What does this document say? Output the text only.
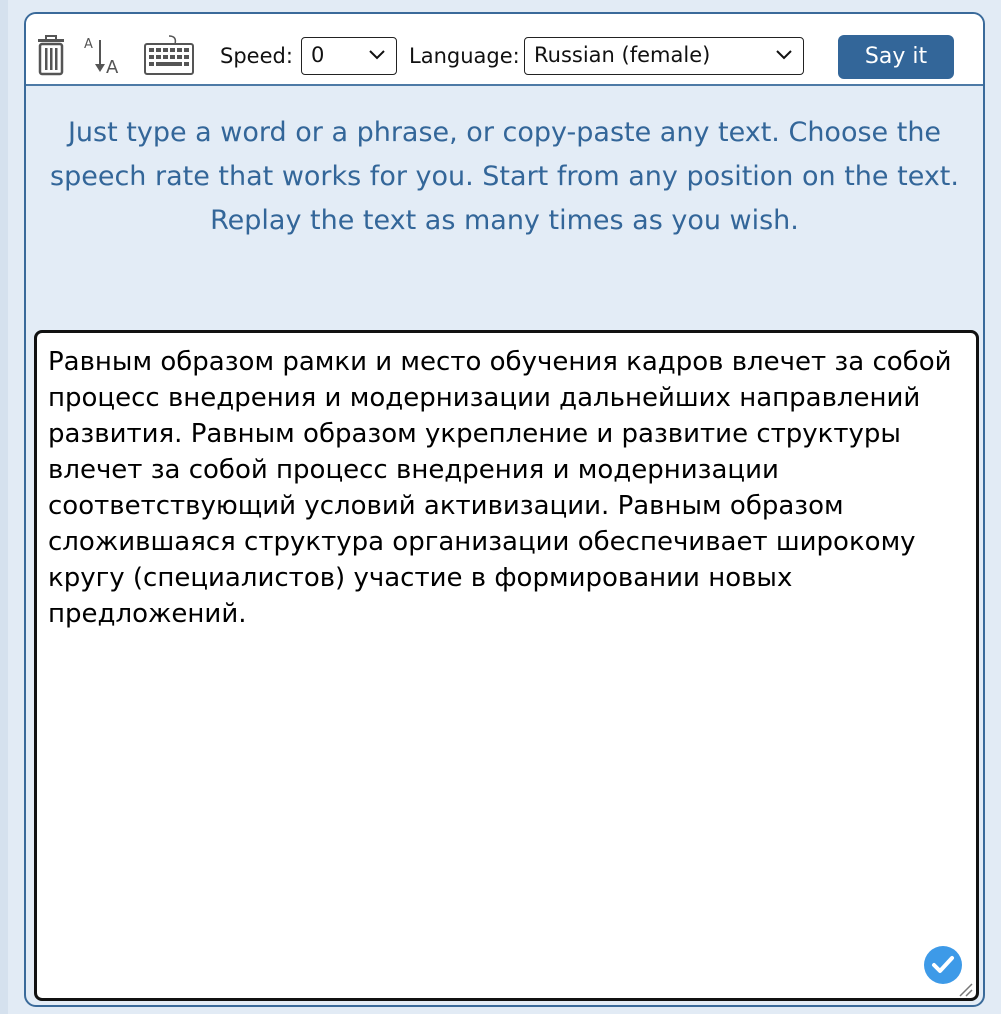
A
A	Speed: 0	Language: Russian (female)	Say it
Just type a word or a phrase, or copy-paste any text. Choose the speech rate that works for you. Start from any position on the text. Replay the text as many times as you wish.
Равным образом рамки и место обучения кадров влечет за собой процесс внедрения и модернизации дальнейших направлений развития. Равным образом укрепление и развитие структуры влечет за собой процесс внедрения и модернизации соответствующий условий активизации. Равным образом сложившаяся структура организации обеспечивает широкому кругу (специалистов) участие в формировании новых предложений.
